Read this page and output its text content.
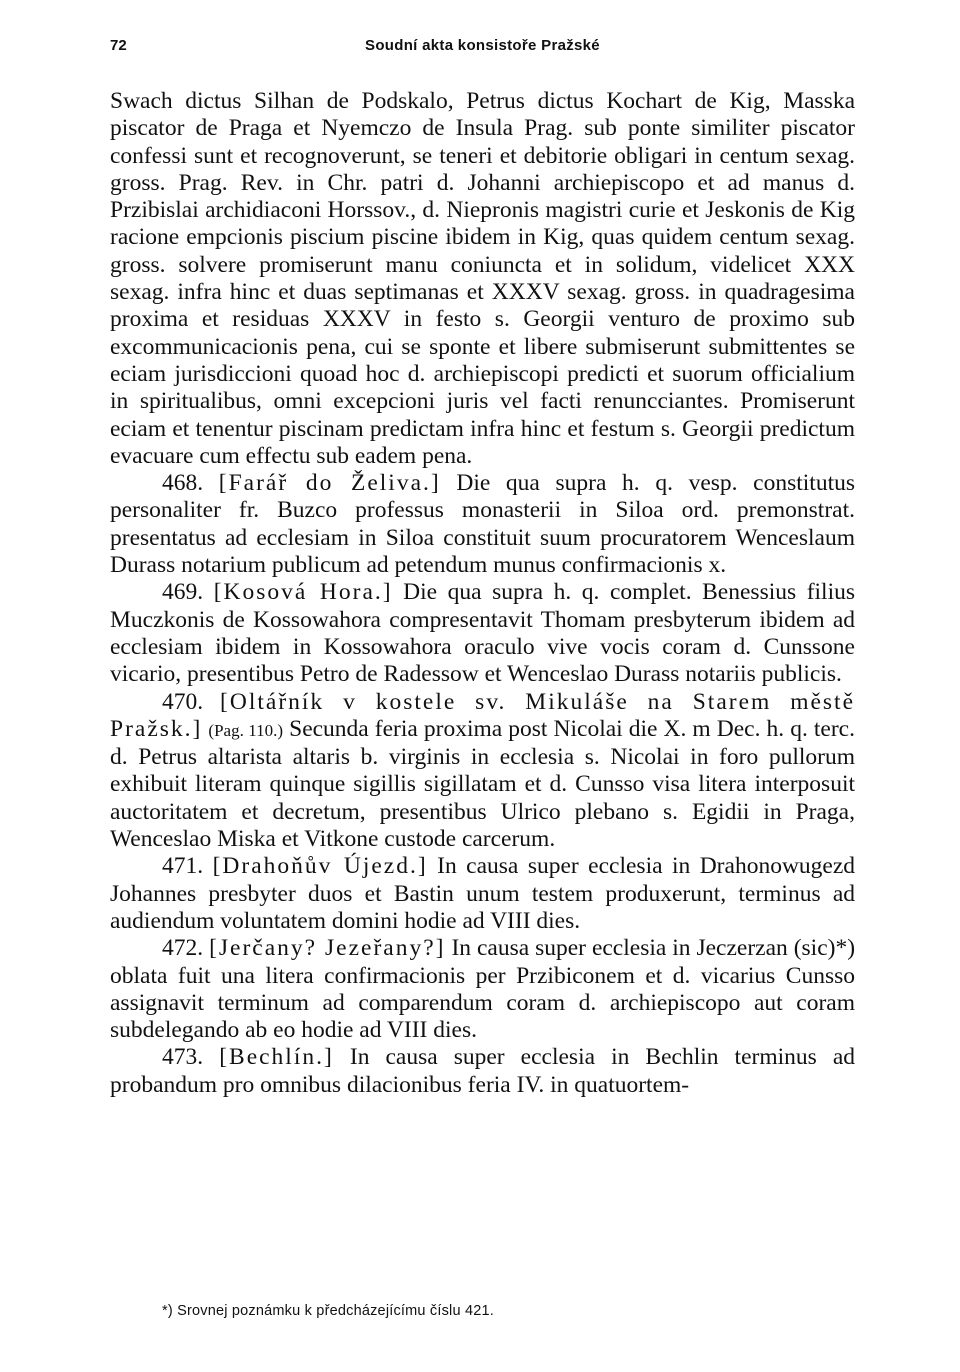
72	Soudní akta konsistoře Pražské

Swach dictus Silhan de Podskalo, Petrus dictus Kochart de Kig, Masska piscator de Praga et Nyemczo de Insula Prag. sub ponte similiter piscator confessi sunt et recognoverunt, se teneri et debitorie obligari in centum sexag. gross. Prag. Rev. in Chr. patri d. Johanni archiepiscopo et ad manus d. Przibislai archidiaconi Horssov., d. Niepronis magistri curie et Jeskonis de Kig racione empcionis piscium piscine ibidem in Kig, quas quidem centum sexag. gross. solvere promiserunt manu coniuncta et in solidum, videlicet XXX sexag. infra hinc et duas septimanas et XXXV sexag. gross. in quadragesima proxima et residuas XXXV in festo s. Georgii venturo de proximo sub excommunicacionis pena, cui se sponte et libere submiserunt submittentes se eciam jurisdiccioni quoad hoc d. archiepiscopi predicti et suorum officialium in spiritualibus, omni excepcioni juris vel facti renuncciantes. Promiserunt eciam et tenentur piscinam predictam infra hinc et festum s. Georgii predictum evacuare cum effectu sub eadem pena.

468. [Farář do Želiva.] Die qua supra h. q. vesp. constitutus personaliter fr. Buzco professus monasterii in Siloa ord. premonstrat. presentatus ad ecclesiam in Siloa constituit suum procuratorem Wenceslaum Durass notarium publicum ad petendum munus confirmacionis x.

469. [Kosová Hora.] Die qua supra h. q. complet. Benessius filius Muczkonis de Kossowahora compresentavit Thomam presbyterum ibidem ad ecclesiam ibidem in Kossowahora oraculo vive vocis coram d. Cunssone vicario, presentibus Petro de Radessow et Wenceslao Durass notariis publicis.

470. [Oltářník v kostele sv. Mikuláše na Starem městě Pražsk.] (Pag. 110.) Secunda feria proxima post Nicolai die X. m Dec. h. q. terc. d. Petrus altarista altaris b. virginis in ecclesia s. Nicolai in foro pullorum exhibuit literam quinque sigillis sigillatam et d. Cunsso visa litera interposuit auctoritatem et decretum, presentibus Ulrico plebano s. Egidii in Praga, Wenceslao Miska et Vitkone custode carcerum.

471. [Drahoňův Újezd.] In causa super ecclesia in Drahonowugezd Johannes presbyter duos et Bastin unum testem produxerunt, terminus ad audiendum voluntatem domini hodie ad VIII dies.

472. [Jerčany? Jezeřany?] In causa super ecclesia in Jeczerzan (sic)*) oblata fuit una litera confirmacionis per Przibiconem et d. vicarius Cunsso assignavit terminum ad comparendum coram d. archiepiscopo aut coram subdelegando ab eo hodie ad VIII dies.

473. [Bechlín.] In causa super ecclesia in Bechlin terminus ad probandum pro omnibus dilacionibus feria IV. in quatuortem-

*) Srovnej poznámku k předcházejícímu číslu 421.
